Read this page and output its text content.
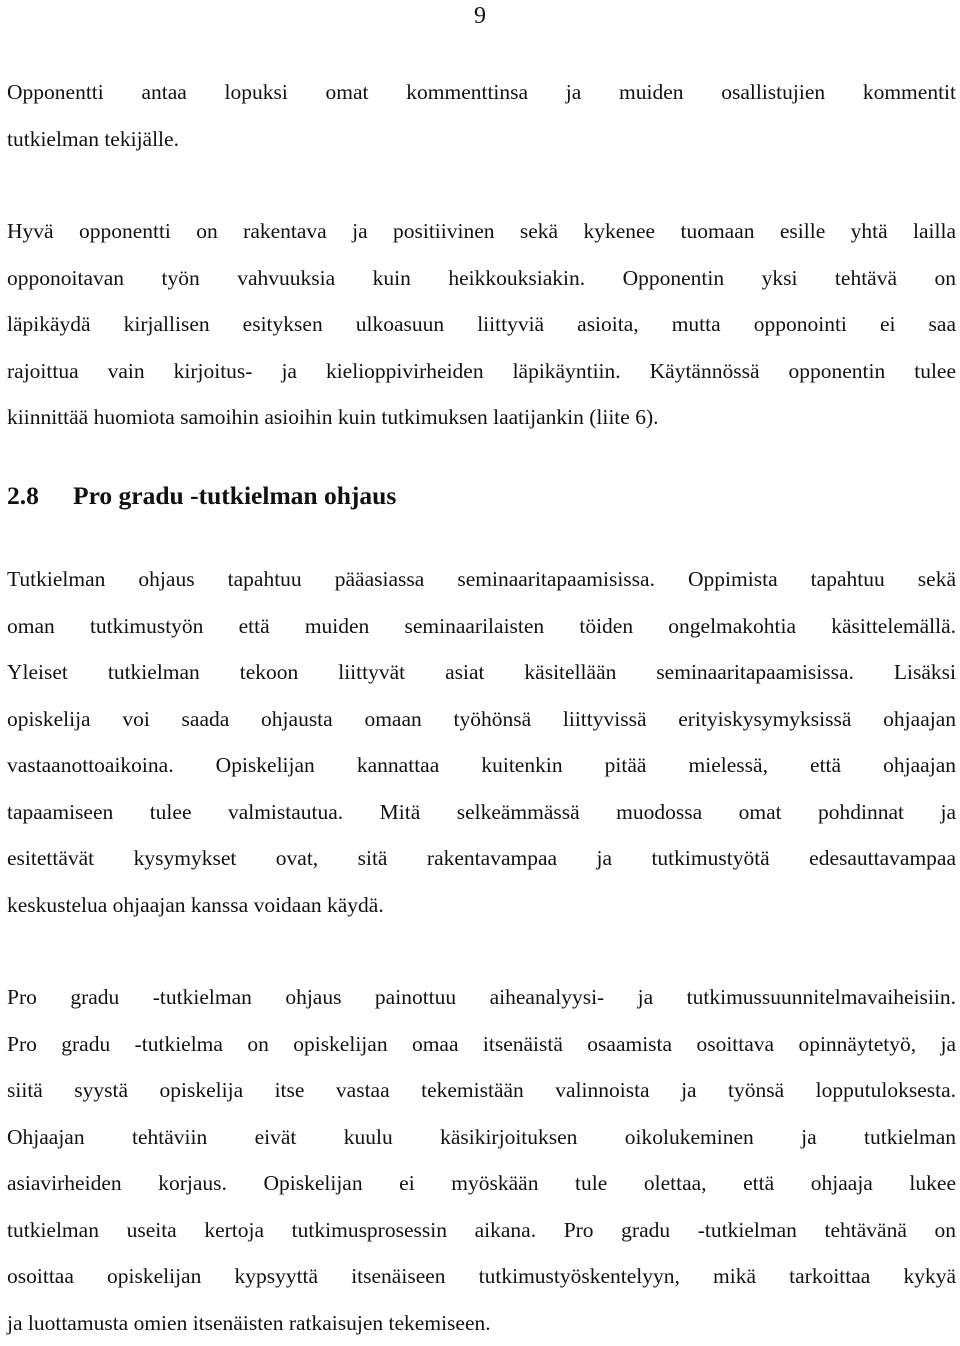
9

Opponentti antaa lopuksi omat kommenttinsa ja muiden osallistujien kommentit
tutkielman tekijälle.

Hyvä opponentti on rakentava ja positiivinen sekä kykenee tuomaan esille yhtä lailla
opponoitavan työn vahvuuksia kuin heikkouksiakin. Opponentin yksi tehtävä on
läpikäydä kirjallisen esityksen ulkoasuun liittyviä asioita, mutta opponointi ei saa
rajoittua vain kirjoitus- ja kielioppivirheiden läpikäyntiin. Käytännössä opponentin tulee
kiinnittää huomiota samoihin asioihin kuin tutkimuksen laatijankin (liite 6).

2.8 Pro gradu -tutkielman ohjaus

Tutkielman ohjaus tapahtuu pääasiassa seminaaritapaamisissa. Oppimista tapahtuu sekä
oman tutkimustyön että muiden seminaarilaisten töiden ongelmakohtia käsittelemällä.
Yleiset tutkielman tekoon liittyvät asiat käsitellään seminaaritapaamisissa. Lisäksi
opiskelija voi saada ohjausta omaan työhönsä liittyvissä erityiskysymyksissä ohjaajan
vastaanottoaikoina. Opiskelijan kannattaa kuitenkin pitää mielessä, että ohjaajan
tapaamiseen tulee valmistautua. Mitä selkeämmässä muodossa omat pohdinnat ja
esitettävät kysymykset ovat, sitä rakentavampaa ja tutkimustyötä edesauttavampaa
keskustelua ohjaajan kanssa voidaan käydä.

Pro gradu -tutkielman ohjaus painottuu aiheanalyysi- ja tutkimussuunnitelmavaiheisiin.
Pro gradu -tutkielma on opiskelijan omaa itsenäistä osaamista osoittava opinnäytetyö, ja
siitä syystä opiskelija itse vastaa tekemistään valinnoista ja työnsä lopputuloksesta.
Ohjaajan tehtäviin eivät kuulu käsikirjoituksen oikolukeminen ja tutkielman
asiavirheiden korjaus. Opiskelijan ei myöskään tule olettaa, että ohjaaja lukee
tutkielman useita kertoja tutkimusprosessin aikana. Pro gradu -tutkielman tehtävänä on
osoittaa opiskelijan kypsyyttä itsenäiseen tutkimustyöskentelyyn, mikä tarkoittaa kykyä
ja luottamusta omien itsenäisten ratkaisujen tekemiseen.
